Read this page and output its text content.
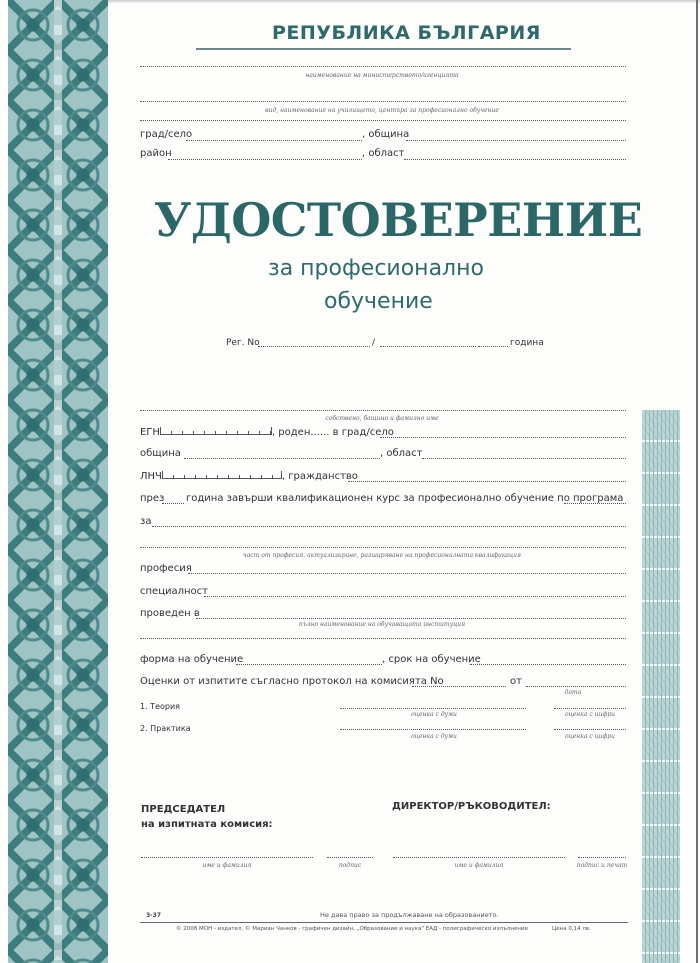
РЕПУБЛИКА БЪЛГАРИЯ
наименование на министерството/агенцията
вид, наименование на училището, центъра за професионално обучение
град/село	, община
район	, област
УДОСТОВЕРЕНИЕ
за професионално
обучение
Рег. No	/	година
собствено, бащино и фамилно име
ЕГН	, роден...... в град/село
община	, област
ЛНЧ	, гражданство
през година завърши квалификационен курс за професионално обучение по програма
за
част от професия, актуализиране, разширяване на професионалната квалификация
професия
специалност
проведен в
пълно наименование на обучаващата институция
форма на обучение	, срок на обучение
Оценки от изпитите съгласно протокол на комисията No	от
дата
1. Теория
оценка с думи	оценка с цифри
2. Практика
оценка с думи	оценка с цифри
ПРЕДСЕДАТЕЛ
на изпитната комисия:
ДИРЕКТОР/РЪКОВОДИТЕЛ:
име и фамилия	подпис	име и фамилия	подпис и печат
3-37	Не дава право за продължаване на образованието.
© 2008 МОН - издател, © Мариан Чанков - графичен дизайн, „Образование и наука" ЕАД - полиграфическо изпълнение	Цена 0,14 лв.
